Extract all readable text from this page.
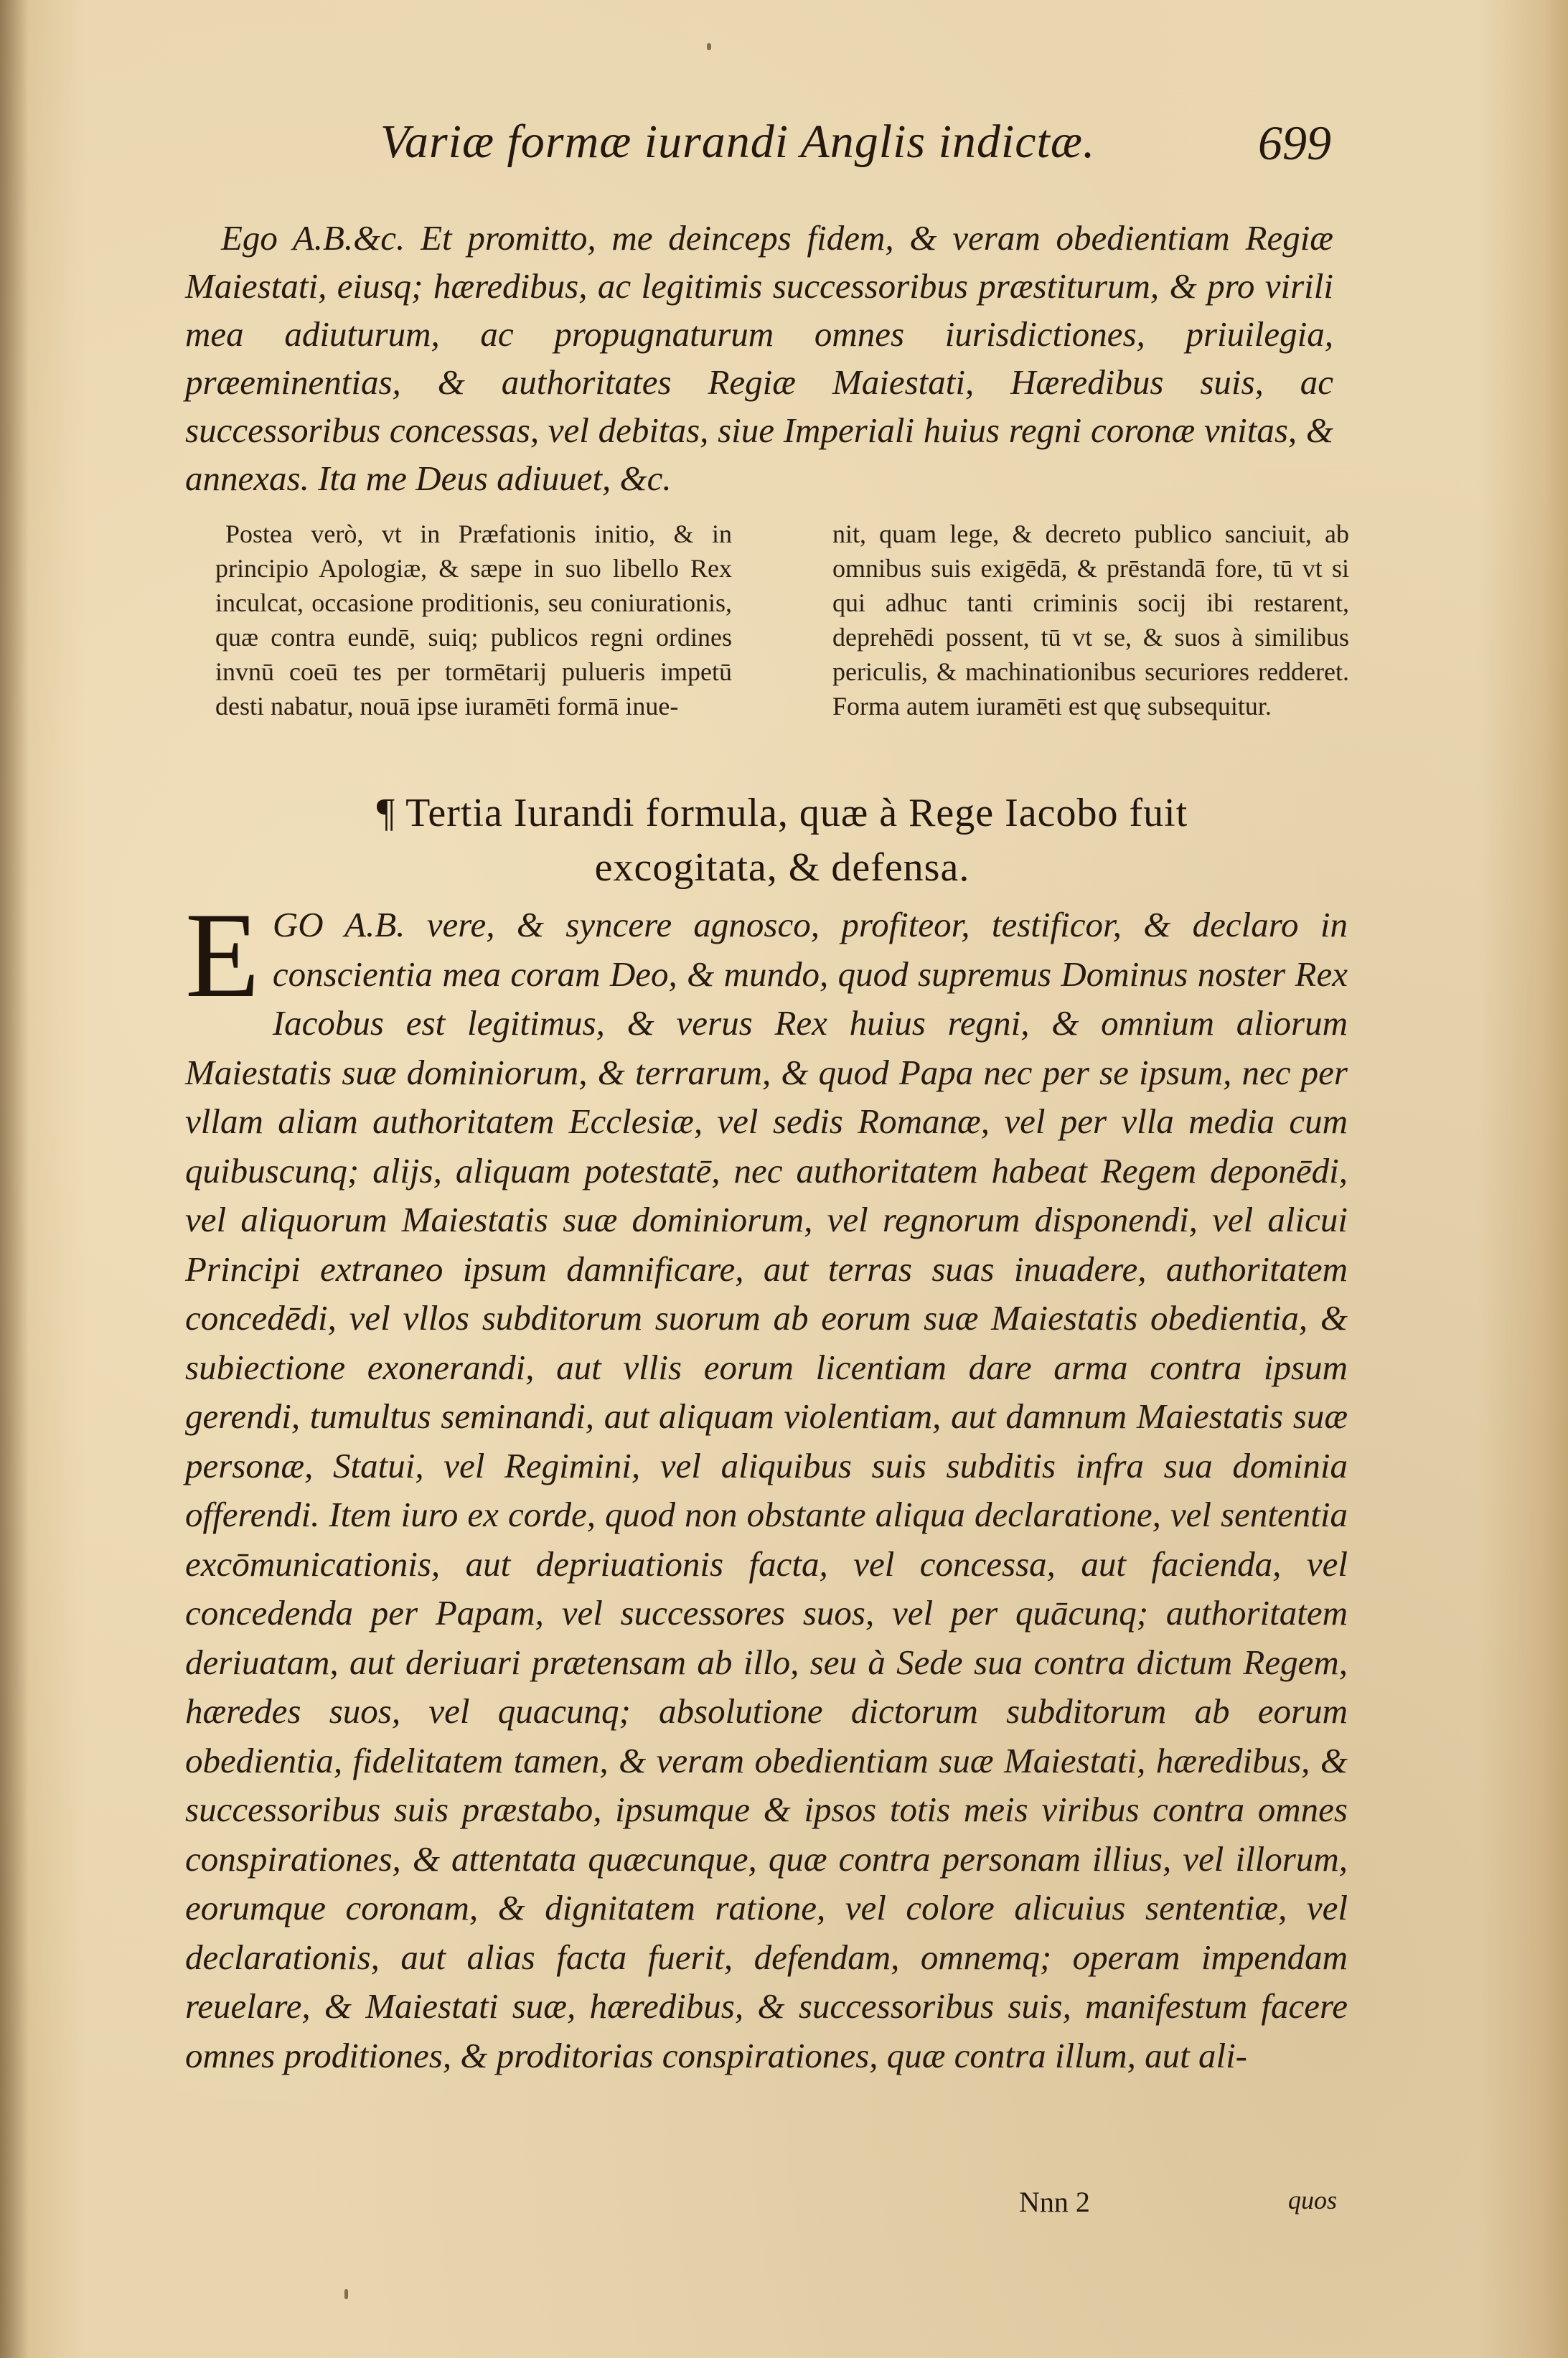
Variæ formæ iurandi Anglis indictæ.	699

Ego A.B.&c. Et promitto, me deinceps fidem, & veram obedientiam Regiæ Maiestati, eiusq; hæredibus, ac legitimis successoribus præstiturum, & pro virili mea adiuturum, ac propugnaturum omnes iurisdictiones, priuilegia, præeminentias, & authoritates Regiæ Maiestati, Hæredibus suis, ac successoribus concessas, vel debitas, siue Imperiali huius regni coronæ vnitas, & annexas. Ita me Deus adiuuet, &c.

Postea verò, vt in Præfationis initio, & in principio Apologiæ, & sæpe in suo libello Rex inculcat, occasione proditionis, seu coniurationis, quæ contra eundē, suiq; publicos regni ordines invnū coeū tes per tormētarij pulueris impetū desti nabatur, nouā ipse iuramēti formā inue-

nit, quam lege, & decreto publico sanciuit, ab omnibus suis exigēdā, & prēstandā fore, tū vt si qui adhuc tanti criminis socij ibi restarent, deprehēdi possent, tū vt se, & suos à similibus periculis, & machinationibus securiores redderet. Forma autem iuramēti est quę subsequitur.

¶ Tertia Iurandi formula, quæ à Rege Iacobo fuit
excogitata, & defensa.

EGO A.B. vere, & syncere agnosco, profiteor, testificor, & declaro in conscientia mea coram Deo, & mundo, quod supremus Dominus noster Rex Iacobus est legitimus, & verus Rex huius regni, & omnium aliorum Maiestatis suæ dominiorum, & terrarum, & quod Papa nec per se ipsum, nec per vllam aliam authoritatem Ecclesiæ, vel sedis Romanæ, vel per vlla media cum quibuscunq; alijs, aliquam potestatē, nec authoritatem habeat Regem deponēdi, vel aliquorum Maiestatis suæ dominiorum, vel regnorum disponendi, vel alicui Principi extraneo ipsum damnificare, aut terras suas inuadere, authoritatem concedēdi, vel vllos subditorum suorum ab eorum suæ Maiestatis obedientia, & subiectione exonerandi, aut vllis eorum licentiam dare arma contra ipsum gerendi, tumultus seminandi, aut aliquam violentiam, aut damnum Maiestatis suæ personæ, Statui, vel Regimini, vel aliquibus suis subditis infra sua dominia offerendi. Item iuro ex corde, quod non obstante aliqua declaratione, vel sententia excōmunicationis, aut depriuationis facta, vel concessa, aut facienda, vel concedenda per Papam, vel successores suos, vel per quācunq; authoritatem deriuatam, aut deriuari prætensam ab illo, seu à Sede sua contra dictum Regem, hæredes suos, vel quacunq; absolutione dictorum subditorum ab eorum obedientia, fidelitatem tamen, & veram obedientiam suæ Maiestati, hæredibus, & successoribus suis præstabo, ipsumque & ipsos totis meis viribus contra omnes conspirationes, & attentata quæcunque, quæ contra personam illius, vel illorum, eorumque coronam, & dignitatem ratione, vel colore alicuius sententiæ, vel declarationis, aut alias facta fuerit, defendam, omnemq; operam impendam reuelare, & Maiestati suæ, hæredibus, & successoribus suis, manifestum facere omnes proditiones, & proditorias conspirationes, quæ contra illum, aut ali-

Nnn 2	quos
